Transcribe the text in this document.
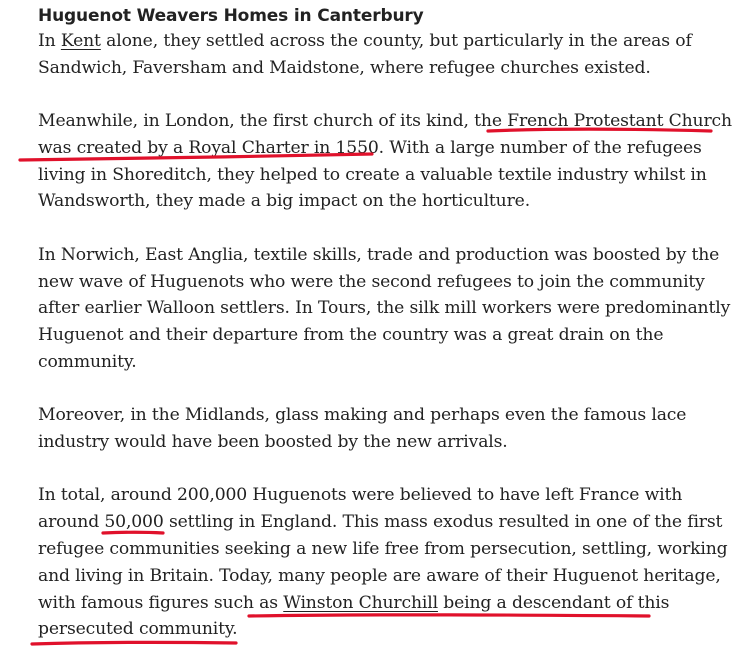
Huguenot Weavers Homes in Canterbury

In Kent alone, they settled across the county, but particularly in the areas of Sandwich, Faversham and Maidstone, where refugee churches existed.

Meanwhile, in London, the first church of its kind, the French Protestant Church was created by a Royal Charter in 1550. With a large number of the refugees living in Shoreditch, they helped to create a valuable textile industry whilst in Wandsworth, they made a big impact on the horticulture.

In Norwich, East Anglia, textile skills, trade and production was boosted by the new wave of Huguenots who were the second refugees to join the community after earlier Walloon settlers. In Tours, the silk mill workers were predominantly Huguenot and their departure from the country was a great drain on the community.

Moreover, in the Midlands, glass making and perhaps even the famous lace industry would have been boosted by the new arrivals.

In total, around 200,000 Huguenots were believed to have left France with around 50,000 settling in England. This mass exodus resulted in one of the first refugee communities seeking a new life free from persecution, settling, working and living in Britain. Today, many people are aware of their Huguenot heritage, with famous figures such as Winston Churchill being a descendant of this persecuted community.
